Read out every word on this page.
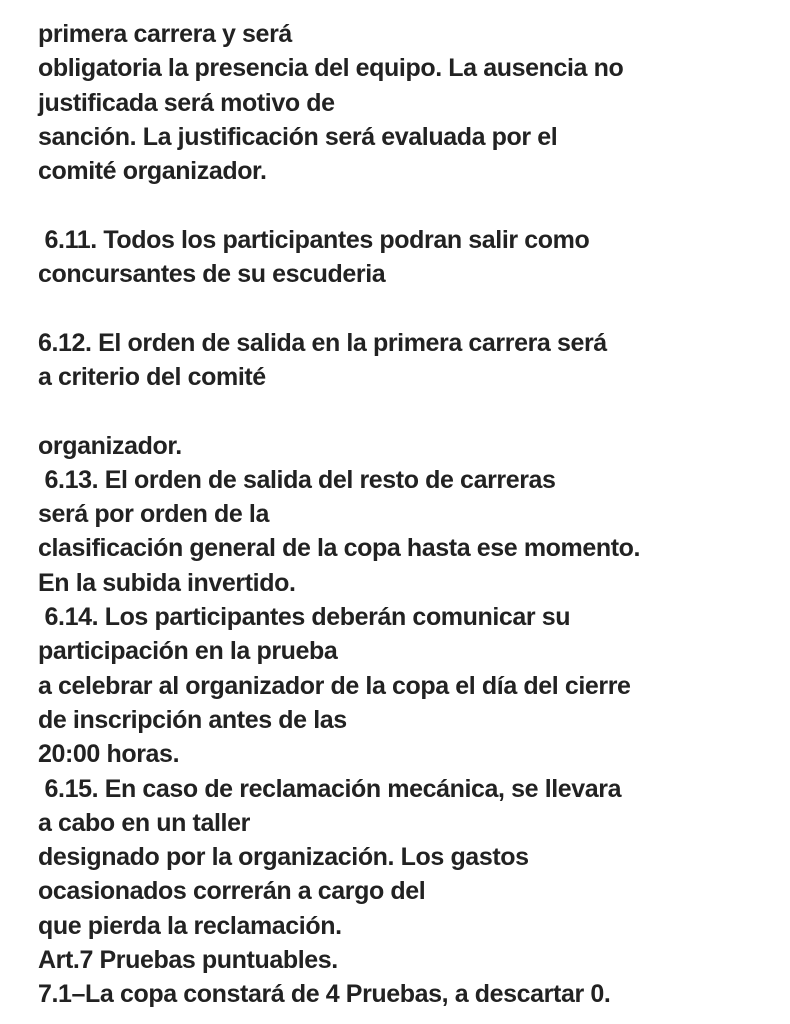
primera carrera y será
obligatoria la presencia del equipo. La ausencia no
justificada será motivo de
sanción. La justificación será evaluada por el
comité organizador.
6.11. Todos los participantes podran salir como
concursantes de su escuderia
6.12. El orden de salida en la primera carrera será
a criterio del comité
organizador.
6.13. El orden de salida del resto de carreras
será por orden de la
clasificación general de la copa hasta ese momento.
En la subida invertido.
6.14. Los participantes deberán comunicar su
participación en la prueba
a celebrar al organizador de la copa el día del cierre
de inscripción antes de las
20:00 horas.
6.15. En caso de reclamación mecánica, se llevara
a cabo en un taller
designado por la organización. Los gastos
ocasionados correrán a cargo del
que pierda la reclamación.
Art.7 Pruebas puntuables.
7.1–La copa constará de 4 Pruebas, a descartar 0.
